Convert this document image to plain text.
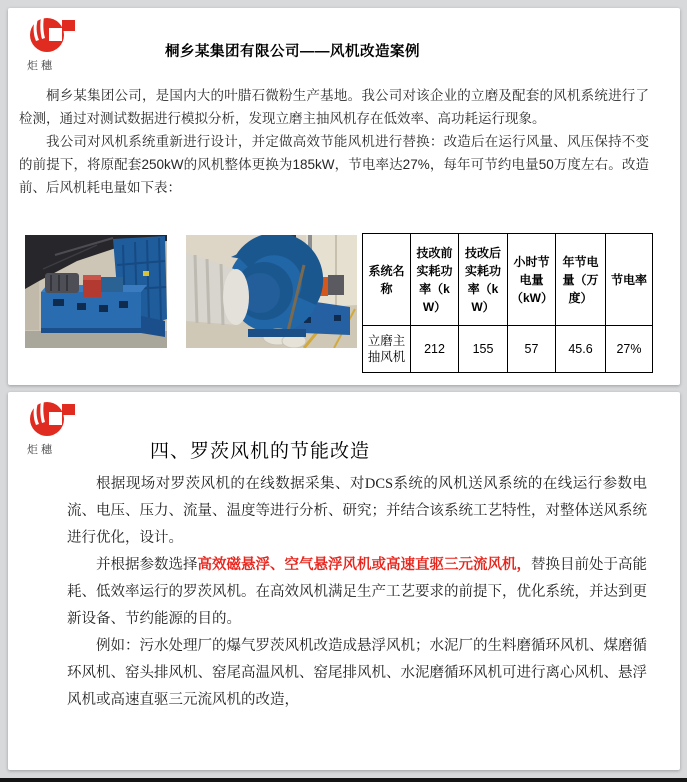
炬穗
桐乡某集团有限公司——风机改造案例

桐乡某集团公司，是国内大的叶腊石微粉生产基地。我公司对该企业的立磨及配套的风机系统进行了检测，通过对测试数据进行模拟分析，发现立磨主抽风机存在低效率、高功耗运行现象。

我公司对风机系统重新进行设计，并定做高效节能风机进行替换：改造后在运行风量、风压保持不变的前提下，将原配套250kW的风机整体更换为185kW，节电率达27%，每年可节约电量50万度左右。改造前、后风机耗电量如下表：

系统名称	技改前实耗功率（kW）	技改后实耗功率（kW）	小时节电量（kW）	年节电量（万度）	节电率
立磨主抽风机	212	155	57	45.6	27%
炬穗	四、罗茨风机的节能改造

根据现场对罗茨风机的在线数据采集、对DCS系统的风机送风系统的在线运行参数电流、电压、压力、流量、温度等进行分析、研究；并结合该系统工艺特性，对整体送风系统进行优化，设计。

并根据参数选择高效磁悬浮、空气悬浮风机或高速直驱三元流风机，替换目前处于高能耗、低效率运行的罗茨风机。在高效风机满足生产工艺要求的前提下，优化系统，并达到更新设备、节约能源的目的。

例如：污水处理厂的爆气罗茨风机改造成悬浮风机；水泥厂的生料磨循环风机、煤磨循环风机、窑头排风机、窑尾高温风机、窑尾排风机、水泥磨循环风机可进行离心风机、悬浮风机或高速直驱三元流风机的改造，
